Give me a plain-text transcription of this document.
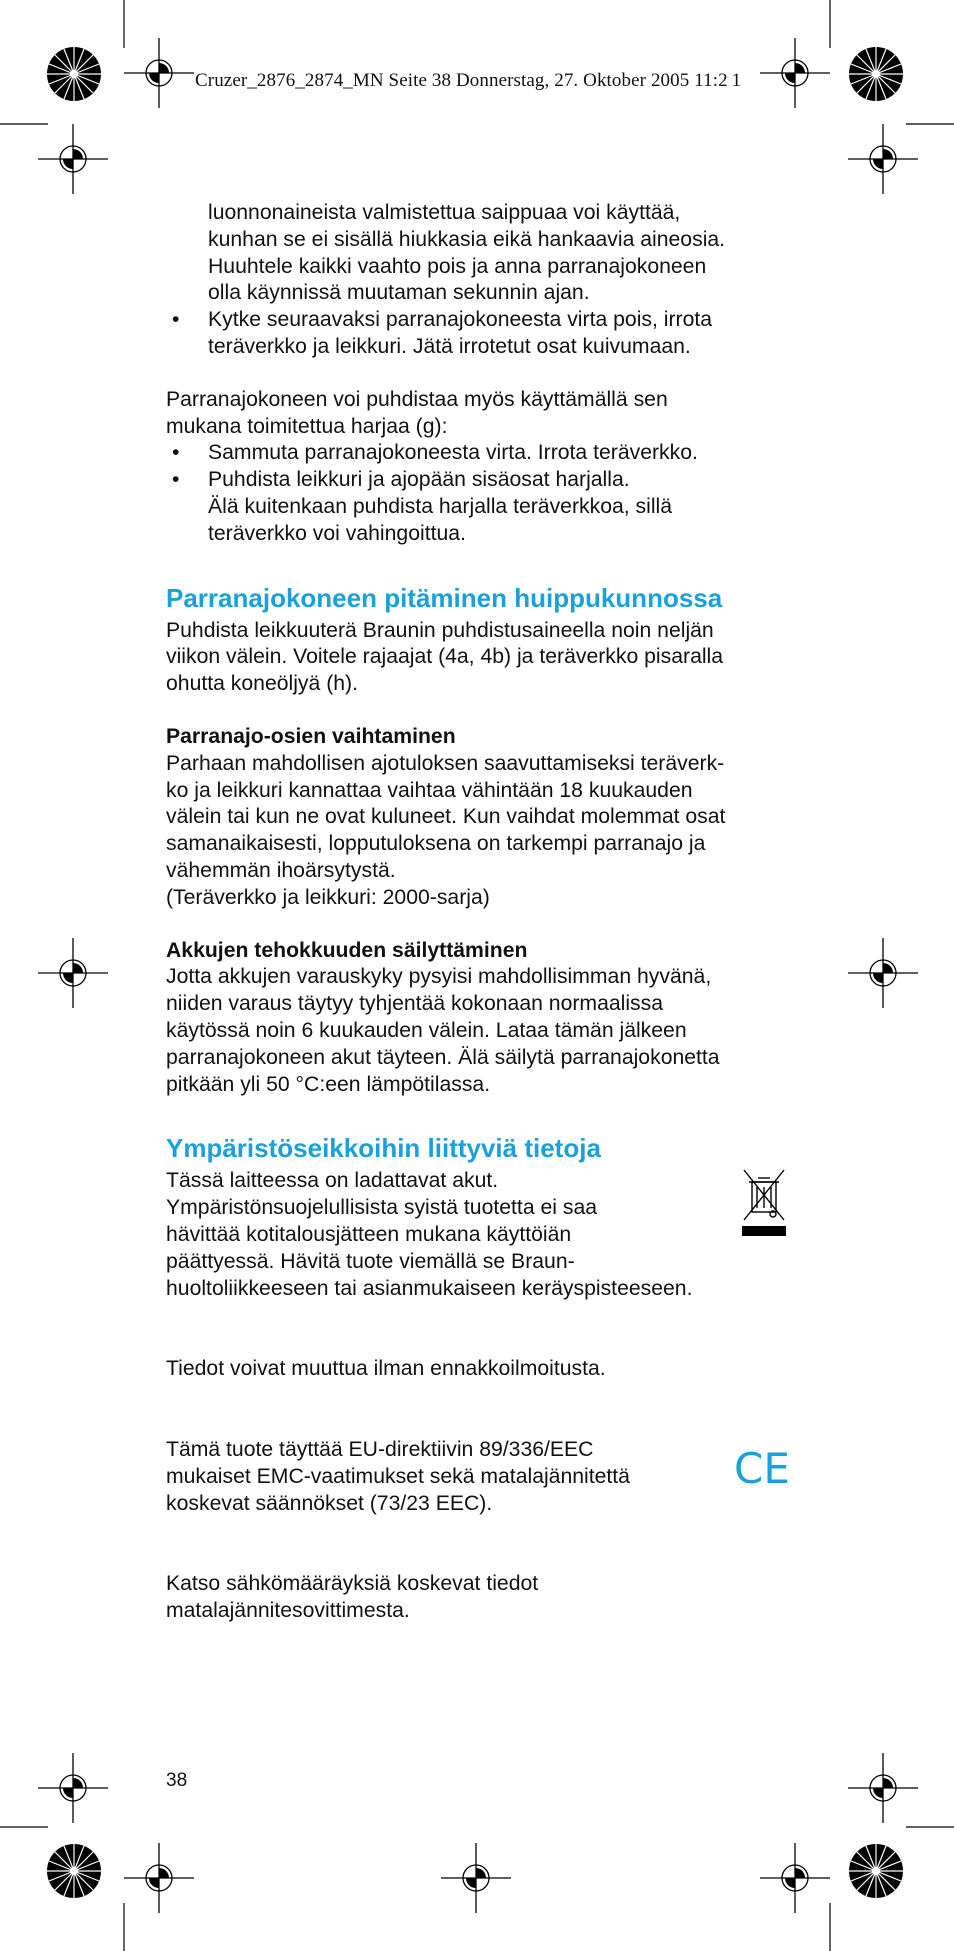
Cruzer_2876_2874_MN Seite 38 Donnerstag, 27. Oktober 2005 11:2 1

luonnonaineista valmistettua saippuaa voi käyttää,

kunhan se ei sisällä hiukkasia eikä hankaavia aineosia.

Huuhtele kaikki vaahto pois ja anna parranajokoneen

olla käynnissä muutaman sekunnin ajan.

• Kytke seuraavaksi parranajokoneesta virta pois, irrota

teräverkko ja leikkuri. Jätä irrotetut osat kuivumaan.

Parranajokoneen voi puhdistaa myös käyttämällä sen

mukana toimitettua harjaa (g):

• Sammuta parranajokoneesta virta. Irrota teräverkko.

• Puhdista leikkuri ja ajopään sisäosat harjalla.

Älä kuitenkaan puhdista harjalla teräverkkoa, sillä

teräverkko voi vahingoittua.

Parranajokoneen pitäminen huippukunnossa

Puhdista leikkuuterä Braunin puhdistusaineella noin neljän

viikon välein. Voitele rajaajat (4a, 4b) ja teräverkko pisaralla

ohutta koneöljyä (h).

Parranajo-osien vaihtaminen

Parhaan mahdollisen ajotuloksen saavuttamiseksi teräverk-

ko ja leikkuri kannattaa vaihtaa vähintään 18 kuukauden

välein tai kun ne ovat kuluneet. Kun vaihdat molemmat osat

samanaikaisesti, lopputuloksena on tarkempi parranajo ja

vähemmän ihoärsytystä.

(Teräverkko ja leikkuri: 2000-sarja)

Akkujen tehokkuuden säilyttäminen

Jotta akkujen varauskyky pysyisi mahdollisimman hyvänä,

niiden varaus täytyy tyhjentää kokonaan normaalissa

käytössä noin 6 kuukauden välein. Lataa tämän jälkeen

parranajokoneen akut täyteen. Älä säilytä parranajokonetta

pitkään yli 50 °C:een lämpötilassa.

Ympäristöseikkoihin liittyviä tietoja

Tässä laitteessa on ladattavat akut.

Ympäristönsuojelullisista syistä tuotetta ei saa

hävittää kotitalousjätteen mukana käyttöiän

päättyessä. Hävitä tuote viemällä se Braun-

huoltoliikkeeseen tai asianmukaiseen keräyspisteeseen.

Tiedot voivat muuttua ilman ennakkoilmoitusta.

Tämä tuote täyttää EU-direktiivin 89/336/EEC

mukaiset EMC-vaatimukset sekä matalajännitettä

koskevat säännökset (73/23 EEC).

CE

Katso sähkömääräyksiä koskevat tiedot

matalajännitesovittimesta.

38
